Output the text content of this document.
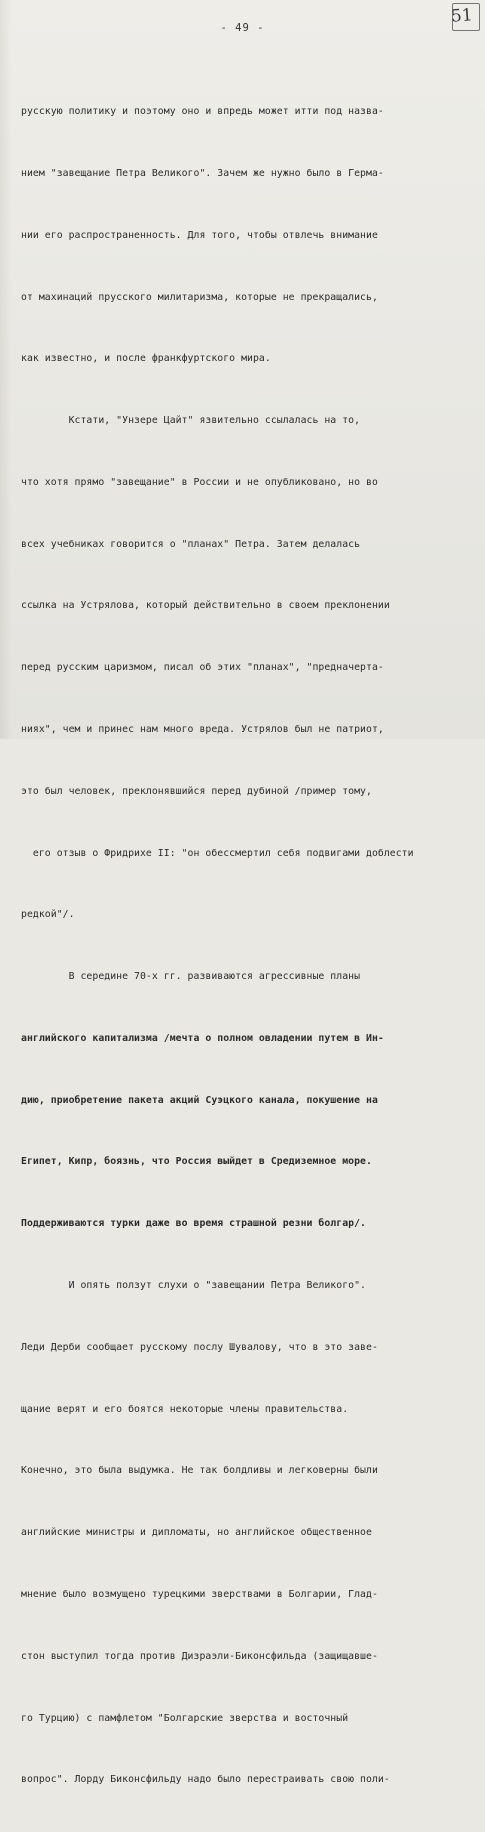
- 49 -
51

русскую политику и поэтому оно и впредь может итти под назва-

нием "завещание Петра Великого". Зачем же нужно было в Герма-

нии его распространенность. Для того, чтобы отвлечь внимание

от махинаций прусского милитаризма, которые не прекращались,

как известно, и после франкфуртского мира.

Кстати, "Унзере Цайт" язвительно ссылалась на то,

что хотя прямо "завещание" в России и не опубликовано, но во

всех учебниках говорится о "планах" Петра. Затем делалась

ссылка на Устрялова, который действительно в своем преклонении

перед русским царизмом, писал об этих "планах", "предначертa-

ниях", чем и принес нам много вреда. Устрялов был не патриот,

это был человек, преклонявшийся перед дубиной /пример тому,

его отзыв о Фридрихе II: "он обессмертил себя подвигами доблести

редкой"/.

В середине 70-х гг. развиваются агрессивные планы

английского капитализма /мечта о полном овладении путем в Ин-

дию, приобретение пакета акций Суэцкого канала, покушение на

Египет, Кипр, боязнь, что Россия выйдет в Средиземное море.

Поддерживаются турки даже во время страшной резни болгар/.

И опять ползут слухи о "завещании Петра Великого".

Леди Дерби сообщает русскому послу Шувалову, что в это заве-

щание верят и его боятся некоторые члены правительства.

Конечно, это была выдумка. Не так болдливы и легковерны были

английские министры и дипломаты, но английское общественное

мнение было возмущено турецкими зверствами в Болгарии, Глад-

стон выступил тогда против Дизраэли-Биконсфильда (защищавше-

го Турцию) с памфлетом "Болгарские зверства и восточный

вопрос". Лорду Биконсфильду надо было перестраивать свою поли-
